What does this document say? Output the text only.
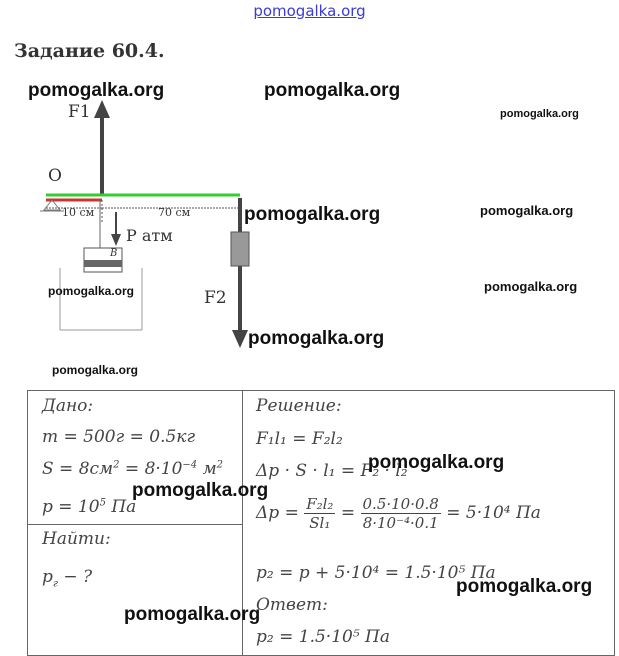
pomogalka.org
Задание 60.4.
F1
O
10 см	70 см
P атм
B
F2
pomogalka.org	pomogalka.org
pomogalka.org
pomogalka.org	pomogalka.org
pomogalka.org	pomogalka.org
pomogalka.org
pomogalka.org
Дано:
m = 500г = 0.5кг
$S = 8см^2 = 8\cdot 10^{-4}$ $м^2$
$p = 10^5$ Па
Найти:
$p_г$ − ?
Решение:
F₁l₁ = F₂l₂
Δp · S · l₁ = F₂ · l₂
$\Delta p = \frac{\text{F₂l₂}}{\text{Sl₁}} = \frac{0.5\cdot 10\cdot 0.8}{\text{8·10⁻⁴·0.1}} = 5\cdot 10^4$ Па
p₂ = p + 5·10⁴ = 1.5·10⁵ Па
Ответ:
p₂ = 1.5·10⁵ Па
pomogalka.org
pomogalka.org
pomogalka.org
pomogalka.org
